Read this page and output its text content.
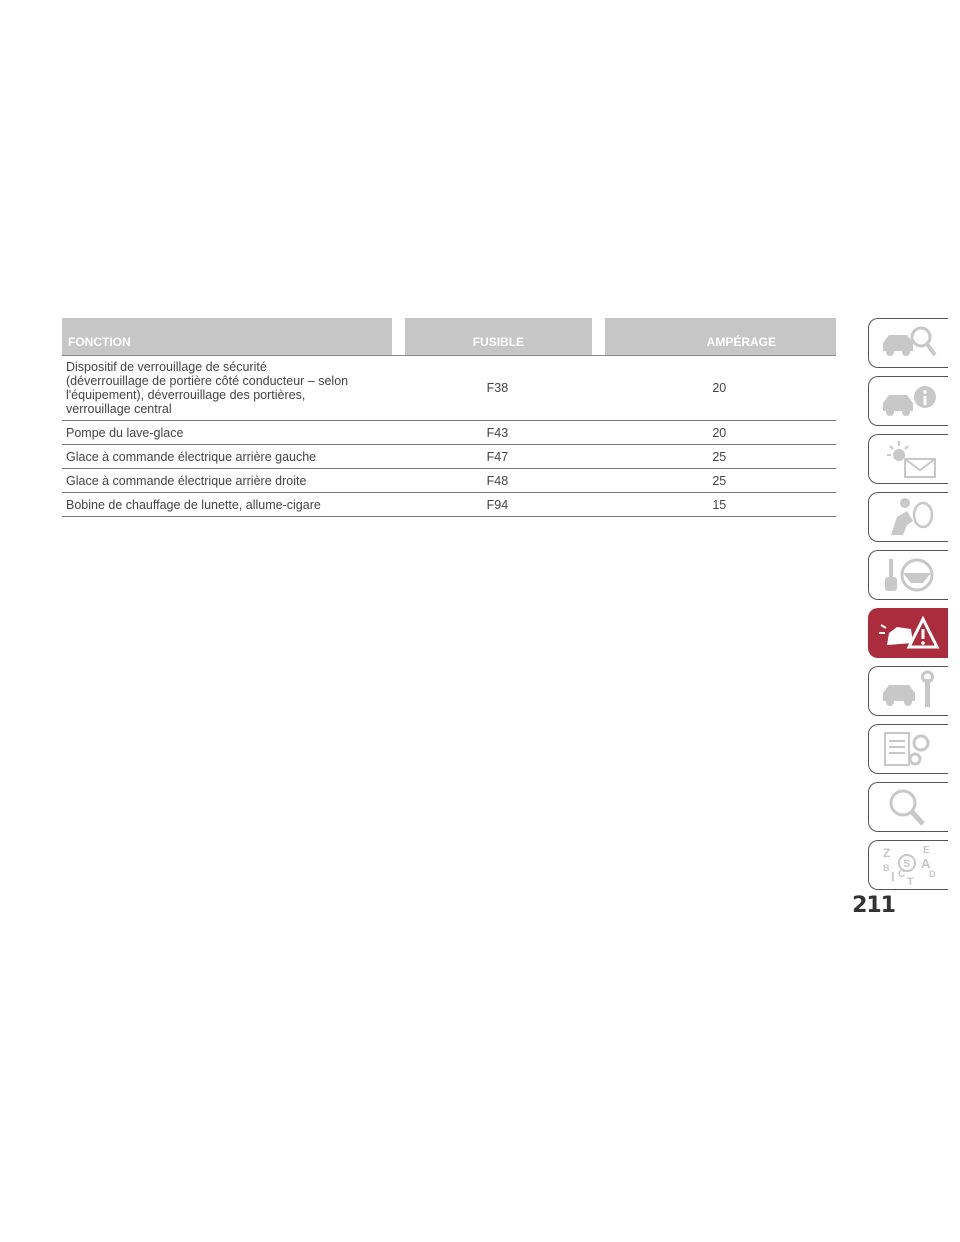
FONCTION		FUSIBLE		AMPÉRAGE
Dispositif de verrouillage de sécurité (déverrouillage de portière côté conducteur – selon l'équipement), déverrouillage des portières, verrouillage central	F38			20
Pompe du lave-glace	F43			20
Glace à commande électrique arrière gauche	F47			25
Glace à commande électrique arrière droite	F48			25
Bobine de chauffage de lunette, allume-cigare	F94			15
Z	E
S A
B
D
I C
T
211
